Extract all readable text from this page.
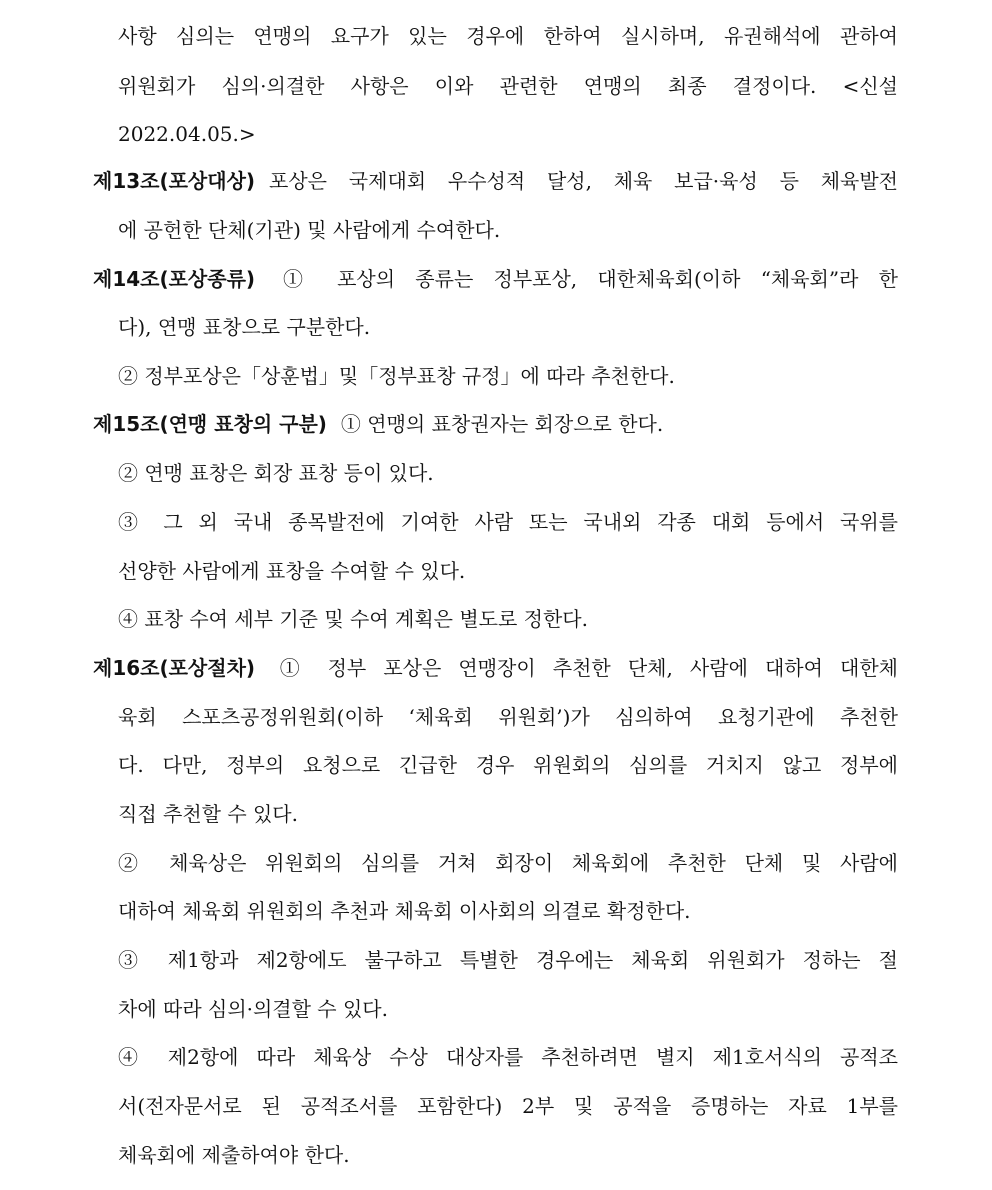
사항 심의는 연맹의 요구가 있는 경우에 한하여 실시하며, 유권해석에 관하여
위원회가 심의·의결한 사항은 이와 관련한 연맹의 최종 결정이다. <신설
2022.04.05.>
제13조(포상대상) 포상은 국제대회 우수성적 달성, 체육 보급·육성 등 체육발전
에 공헌한 단체(기관) 및 사람에게 수여한다.
제14조(포상종류) ① 포상의 종류는 정부포상, 대한체육회(이하 “체육회”라 한
다), 연맹 표창으로 구분한다.
② 정부포상은「상훈법」및「정부표창 규정」에 따라 추천한다.
제15조(연맹 표창의 구분) ① 연맹의 표창권자는 회장으로 한다.
② 연맹 표창은 회장 표창 등이 있다.
③ 그 외 국내 종목발전에 기여한 사람 또는 국내외 각종 대회 등에서 국위를
선양한 사람에게 표창을 수여할 수 있다.
④ 표창 수여 세부 기준 및 수여 계획은 별도로 정한다.
제16조(포상절차) ① 정부 포상은 연맹장이 추천한 단체, 사람에 대하여 대한체
육회 스포츠공정위원회(이하 ‘체육회 위원회’)가 심의하여 요청기관에 추천한
다. 다만, 정부의 요청으로 긴급한 경우 위원회의 심의를 거치지 않고 정부에
직접 추천할 수 있다.
② 체육상은 위원회의 심의를 거쳐 회장이 체육회에 추천한 단체 및 사람에
대하여 체육회 위원회의 추천과 체육회 이사회의 의결로 확정한다.
③ 제1항과 제2항에도 불구하고 특별한 경우에는 체육회 위원회가 정하는 절
차에 따라 심의·의결할 수 있다.
④ 제2항에 따라 체육상 수상 대상자를 추천하려면 별지 제1호서식의 공적조
서(전자문서로 된 공적조서를 포함한다) 2부 및 공적을 증명하는 자료 1부를
체육회에 제출하여야 한다.
